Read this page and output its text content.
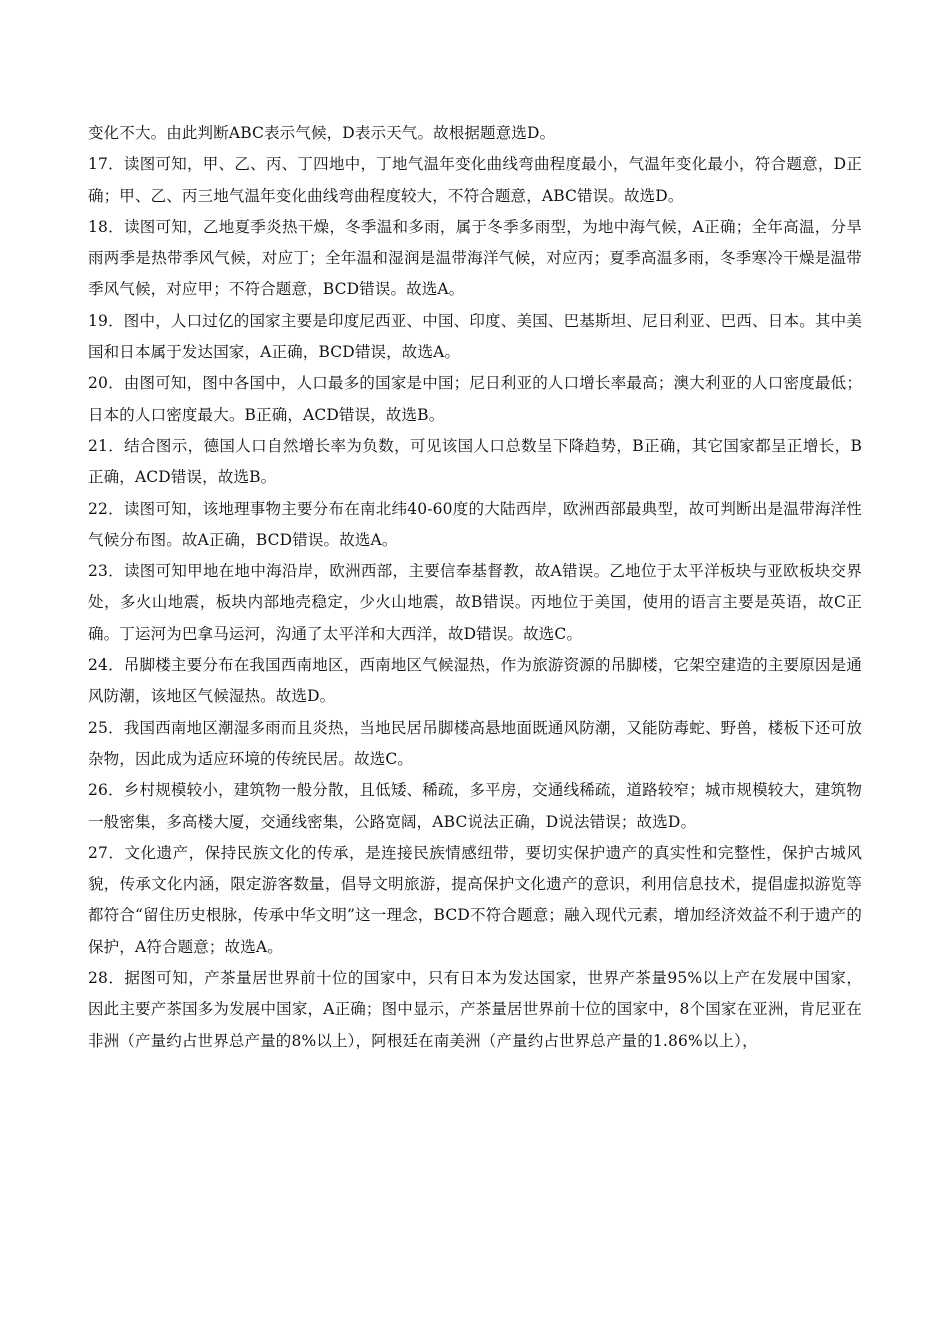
变化不大。由此判断ABC表示气候，D表示天气。故根据题意选D。

17．读图可知，甲、乙、丙、丁四地中，丁地气温年变化曲线弯曲程度最小，气温年变化最小，符合题意，D正确；甲、乙、丙三地气温年变化曲线弯曲程度较大，不符合题意，ABC错误。故选D。

18．读图可知，乙地夏季炎热干燥，冬季温和多雨，属于冬季多雨型，为地中海气候，A正确；全年高温，分旱雨两季是热带季风气候，对应丁；全年温和湿润是温带海洋气候，对应丙；夏季高温多雨，冬季寒冷干燥是温带季风气候，对应甲；不符合题意，BCD错误。故选A。

19．图中，人口过亿的国家主要是印度尼西亚、中国、印度、美国、巴基斯坦、尼日利亚、巴西、日本。其中美国和日本属于发达国家，A正确，BCD错误，故选A。

20．由图可知，图中各国中，人口最多的国家是中国；尼日利亚的人口增长率最高；澳大利亚的人口密度最低；日本的人口密度最大。B正确，ACD错误，故选B。

21．结合图示，德国人口自然增长率为负数，可见该国人口总数呈下降趋势，B正确，其它国家都呈正增长，B正确，ACD错误，故选B。

22．读图可知，该地理事物主要分布在南北纬40-60度的大陆西岸，欧洲西部最典型，故可判断出是温带海洋性气候分布图。故A正确，BCD错误。故选A。

23．读图可知甲地在地中海沿岸，欧洲西部，主要信奉基督教，故A错误。乙地位于太平洋板块与亚欧板块交界处，多火山地震，板块内部地壳稳定，少火山地震，故B错误。丙地位于美国，使用的语言主要是英语，故C正确。丁运河为巴拿马运河，沟通了太平洋和大西洋，故D错误。故选C。

24．吊脚楼主要分布在我国西南地区，西南地区气候湿热，作为旅游资源的吊脚楼，它架空建造的主要原因是通风防潮，该地区气候湿热。故选D。

25．我国西南地区潮湿多雨而且炎热，当地民居吊脚楼高悬地面既通风防潮，又能防毒蛇、野兽，楼板下还可放杂物，因此成为适应环境的传统民居。故选C。

26．乡村规模较小，建筑物一般分散，且低矮、稀疏，多平房，交通线稀疏，道路较窄；城市规模较大，建筑物一般密集，多高楼大厦，交通线密集，公路宽阔，ABC说法正确，D说法错误；故选D。

27．文化遗产，保持民族文化的传承，是连接民族情感纽带，要切实保护遗产的真实性和完整性，保护古城风貌，传承文化内涵，限定游客数量，倡导文明旅游，提高保护文化遗产的意识，利用信息技术，提倡虚拟游览等都符合“留住历史根脉，传承中华文明”这一理念，BCD不符合题意；融入现代元素，增加经济效益不利于遗产的保护，A符合题意；故选A。

28．据图可知，产茶量居世界前十位的国家中，只有日本为发达国家，世界产茶量95%以上产在发展中国家，因此主要产茶国多为发展中国家，A正确；图中显示，产茶量居世界前十位的国家中，8个国家在亚洲，肯尼亚在非洲（产量约占世界总产量的8%以上），阿根廷在南美洲（产量约占世界总产量的1.86%以上），
